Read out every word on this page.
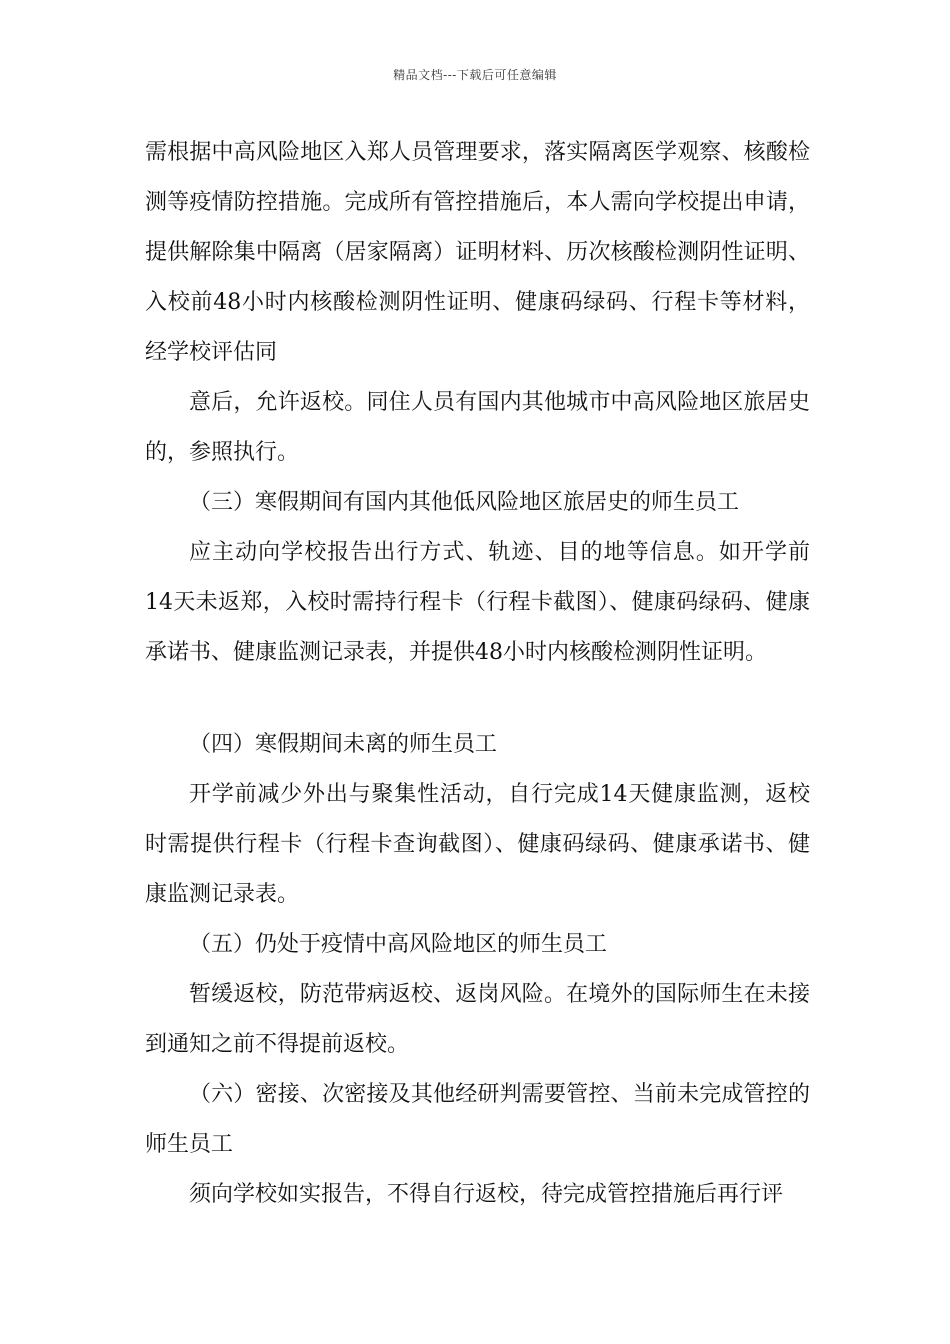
精品文档---下载后可任意编辑

需根据中高风险地区入郑人员管理要求，落实隔离医学观察、核酸检测等疫情防控措施。完成所有管控措施后，本人需向学校提出申请，提供解除集中隔离（居家隔离）证明材料、历次核酸检测阴性证明、入校前48小时内核酸检测阴性证明、健康码绿码、行程卡等材料，经学校评估同

意后，允许返校。同住人员有国内其他城市中高风险地区旅居史的，参照执行。

（三）寒假期间有国内其他低风险地区旅居史的师生员工

应主动向学校报告出行方式、轨迹、目的地等信息。如开学前14天未返郑，入校时需持行程卡（行程卡截图）、健康码绿码、健康承诺书、健康监测记录表，并提供48小时内核酸检测阴性证明。

（四）寒假期间未离的师生员工

开学前减少外出与聚集性活动，自行完成14天健康监测，返校时需提供行程卡（行程卡查询截图）、健康码绿码、健康承诺书、健康监测记录表。

（五）仍处于疫情中高风险地区的师生员工

暂缓返校，防范带病返校、返岗风险。在境外的国际师生在未接到通知之前不得提前返校。

（六）密接、次密接及其他经研判需要管控、当前未完成管控的师生员工

须向学校如实报告，不得自行返校，待完成管控措施后再行评
